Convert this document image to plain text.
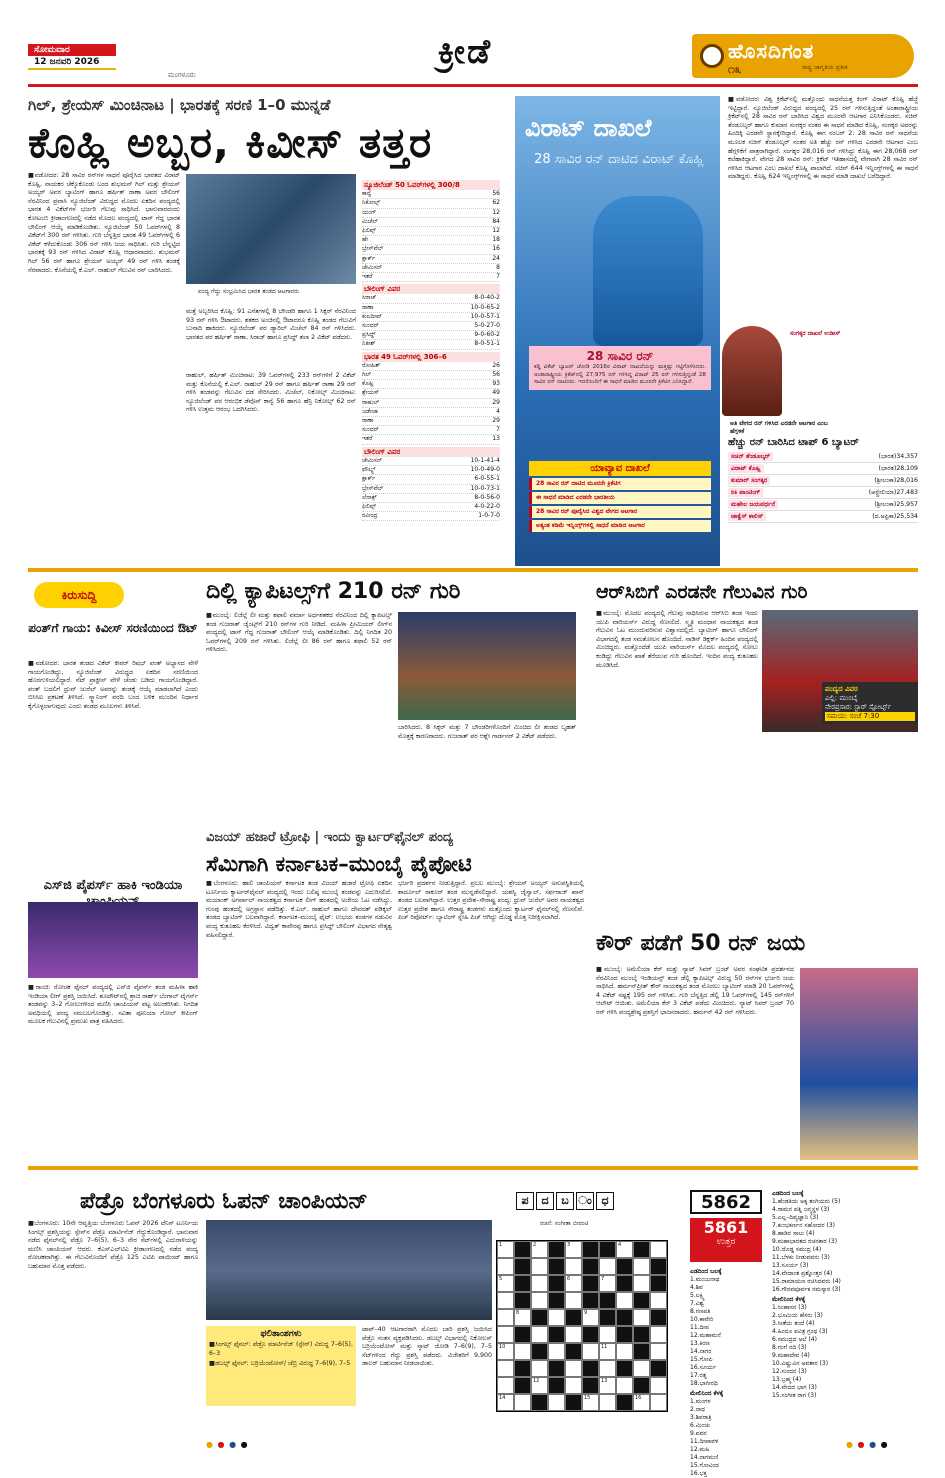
ಸೋಮವಾರ
12 ಜನವರಿ 2026
ಮಂಗಳೂರು
ಕ್ರೀಡೆ	ಹೊಸದಿಗಂತ
೧೩	ರಾಷ್ಟ್ರ ಜಾಗೃತಿಯ ಪ್ರತೀಕ
ಗಿಲ್, ಶ್ರೇಯಸ್ ಮಿಂಚಿನಾಟ | ಭಾರತಕ್ಕೆ ಸರಣಿ 1–0 ಮುನ್ನಡೆ
ಕೊಹ್ಲಿ ಅಬ್ಬರ, ಕಿವೀಸ್ ತತ್ತರ
■ವಡೋದರ: 28 ಸಾವಿರ ರನ್‌ಗಳ ಸಾಧನೆ ಪೂರೈಸಿದ ಭಾರತದ ವಿರಾಟ್ ಕೊಹ್ಲಿ, ನಾಯಕರ ಚೆಕ್ಕೊಕೊಂಡು ಬಂದ ಶುಭಮನ್ ಗಿಲ್ ಮತ್ತು ಶ್ರೇಯಸ್ ಅಯ್ಯರ್ ಅವರ ಬ್ಯಾಟಿಂಗ್ ಹಾಗೂ ಹರ್ಷಿತ್ ರಾಣಾ ಅವರ ಬೌಲಿಂಗ್ ನೆರವಿನಿಂದ ಪ್ರವಾಸಿ ನ್ಯೂಜಿಲೆಂಡ್ ವಿರುದ್ಧದ ಮೊದಲ ಏಕದಿನ ಪಂದ್ಯದಲ್ಲಿ ಭಾರತ 4 ವಿಕೆಟ್‌ಗಳ ಭರ್ಜರಿ ಗೆಲುವು ಸಾಧಿಸಿದೆ. ಭಾನುವಾರದಂದು ಕೋಟಂಬಿ ಕ್ರೀಡಾಂಗಣದಲ್ಲಿ ನಡೆದ ಮೊದಲ ಪಂದ್ಯದಲ್ಲಿ ಟಾಸ್ ಗೆದ್ದ ಭಾರತ ಬೌಲಿಂಗ್ ಆಯ್ಕೆ ಮಾಡಿಕೊಂಡಿತು. ನ್ಯೂಜಿಲೆಂಡ್ 50 ಓವರ್‌ಗಳಲ್ಲಿ 8 ವಿಕೆಟ್‌ಗೆ 300 ರನ್ ಗಳಿಸಿತು. ಗುರಿ ಬೆನ್ನತ್ತಿದ ಭಾರತ 49 ಓವರ್‌ಗಳಲ್ಲಿ 6 ವಿಕೆಟ್ ಕಳೆದುಕೊಂಡು 306 ರನ್ ಗಳಿಸಿ ಜಯ ಸಾಧಿಸಿತು. ಗುರಿ ಬೆನ್ನಟ್ಟಿದ ಭಾರತಕ್ಕೆ 93 ರನ್ ಗಳಿಸಿದ ವಿರಾಟ್ ಕೊಹ್ಲಿ ಆಧಾರವಾದರು. ಶುಭಮನ್ ಗಿಲ್ 56 ರನ್ ಹಾಗೂ ಶ್ರೇಯಸ್ ಅಯ್ಯರ್ 49 ರನ್ ಗಳಿಸಿ ತಂಡಕ್ಕೆ ನೆರವಾದರು. ಕೊನೆಯಲ್ಲಿ ಕೆ.ಎಲ್. ರಾಹುಲ್ ಗೆಲುವಿನ ರನ್ ಬಾರಿಸಿದರು.
ಪಂದ್ಯ ಗೆದ್ದು ಸಂಭ್ರಮಿಸಿದ ಭಾರತ ತಂಡದ ಆಟಗಾರರು
ಮತ್ತೆ ಅಬ್ಬರಿಸಿದ ಕೊಹ್ಲಿ: 91 ಎಸೆತಗಳಲ್ಲಿ 8 ಬೌಂಡರಿ ಹಾಗೂ 1 ಸಿಕ್ಸರ್ ನೆರವಿನಿಂದ 93 ರನ್ ಗಳಿಸಿ ಔಟಾದರು. ಶತಕದ ಅಂಚಿನಲ್ಲಿ ಔಟಾದರೂ ಕೊಹ್ಲಿ ತಂಡದ ಗೆಲುವಿಗೆ ಬುನಾದಿ ಹಾಕಿದರು. ನ್ಯೂಜಿಲೆಂಡ್ ಪರ ಡ್ಯಾರಿಲ್ ಮಿಚೆಲ್ 84 ರನ್ ಗಳಿಸಿದರು. ಭಾರತದ ಪರ ಹರ್ಷಿತ್ ರಾಣಾ, ಸಿರಾಜ್ ಹಾಗೂ ಪ್ರಸಿದ್ಧ್ ತಲಾ 2 ವಿಕೆಟ್ ಪಡೆದರು.
ರಾಹುಲ್, ಹರ್ಷಿತ್ ಮಿಂಚಿನಾಟ: 39 ಓವರ್‌ಗಳಲ್ಲಿ 233 ರನ್‌ಗಳಿಗೆ 2 ವಿಕೆಟ್ ಮತ್ತು ಕೊನೆಯಲ್ಲಿ ಕೆ.ಎಲ್. ರಾಹುಲ್ 29 ರನ್ ಹಾಗೂ ಹರ್ಷಿತ್ ರಾಣಾ 29 ರನ್ ಗಳಿಸಿ ತಂಡವನ್ನು ಗೆಲುವಿನ ದಡ ಸೇರಿಸಿದರು. ಮಿಚೆಲ್, ನಿಕೋಲ್ಸ್ ಮಿಂಚಿನಾಟ: ನ್ಯೂಜಿಲೆಂಡ್ ಪರ ಆರಂಭಿಕ ಡೆವೊನ್ ಕಾನ್ವೆ 56 ಹಾಗೂ ಹೆನ್ರಿ ನಿಕೋಲ್ಸ್ 62 ರನ್ ಗಳಿಸಿ ಉತ್ತಮ ಆರಂಭ ಒದಗಿಸಿದರು.
ನ್ಯೂಜಿಲೆಂಡ್ 50 ಓವರ್‌ಗಳಲ್ಲಿ 300/8
ಕಾನ್ವೆ	56
ನಿಕೋಲ್ಸ್	62
ಯಂಗ್	12
ಮಿಚೆಲ್	84
ಫಿಲಿಪ್ಸ್	12
ಹೇ	18
ಬ್ರೇಸ್‌ವೆಲ್	16
ಕ್ಲಾರ್ಕ್	24
ಜೇಮಿಸನ್	8
ಇತರೆ	7
ಬೌಲಿಂಗ್ ವಿವರ
ಸಿರಾಜ್	8-0-40-2
ರಾಣಾ	10-0-65-2
ಕುಲದೀಪ್	10-0-57-1
ಸುಂದರ್	5-0-27-0
ಪ್ರಸಿದ್ಧ್	9-0-60-2
ನಿತೀಶ್	8-0-51-1
ಭಾರತ 49 ಓವರ್‌ಗಳಲ್ಲಿ 306–6
ರೋಹಿತ್	26
ಗಿಲ್	56
ಕೊಹ್ಲಿ	93
ಶ್ರೇಯಸ್	49
ರಾಹುಲ್	29
ಜಡೇಜಾ	4
ರಾಣಾ	29
ಸುಂದರ್	7
ಇತರೆ	13
ಬೌಲಿಂಗ್ ವಿವರ
ಜೇಮಿಸನ್	10-1-41-4
ಫೌಲ್ಕ್ಸ್	10-0-49-0
ಕ್ಲಾರ್ಕ್	6-0-55-1
ಬ್ರೇಸ್‌ವೆಲ್	10-0-73-1
ಲೆನಾಕ್ಸ್	8-0-56-0
ಫಿಲಿಪ್ಸ್	4-0-22-0
ರವೀಂದ್ರ	1-0-7-0
ವಿರಾಟ್ ದಾಖಲೆ
28 ಸಾವಿರ ರನ್ ದಾಟಿದ ವಿರಾಟ್ ಕೊಹ್ಲಿ
28 ಸಾವಿರ ರನ್
ಕಡ್ಡಿ ವಿಕೆಟ್ ಬ್ಯಾಟರ್ ಜೋಡಿ 2016ರ ವಿರಾಟ್ ದಾಖಲೆಯನ್ನು ಮತ್ತಷ್ಟು ಗಟ್ಟಿಗೊಳಿಸಿದರು. ಅಂತಾರಾಷ್ಟ್ರೀಯ ಕ್ರಿಕೆಟ್‌ನಲ್ಲಿ 27,975 ರನ್ ಗಳಿಸಿದ್ದ ವಿರಾಟ್ 25 ರನ್ ಗಳಿಸುತ್ತಿದ್ದಂತೆ 28 ಸಾವಿರ ರನ್ ದಾಟಿದರು. ಇದರೊಂದಿಗೆ ಈ ಸಾಧನೆ ಮಾಡಿದ ಮೂರನೇ ಕ್ರಿಕೆಟಿಗ ಎನಿಸಿದ್ದಾರೆ.
ಯಾವ್ಯಾವ ದಾಖಲೆ
28 ಸಾವಿರ ರನ್ ದಾಟಿದ ಮೂರನೇ ಕ್ರಿಕೆಟಿಗ
ಈ ಸಾಧನೆ ಮಾಡಿದ ಎರಡನೇ ಭಾರತೀಯ
28 ಸಾವಿರ ರನ್ ಪೂರೈಸಿದ ವಿಶ್ವದ ವೇಗದ ಆಟಗಾರ
ಅತ್ಯಂತ ಕಡಿಮೆ ಇನ್ನಿಂಗ್ಸ್‌ಗಳಲ್ಲಿ ಸಾಧನೆ ಮಾಡಿದ ಆಟಗಾರ
ಸಂಗಕ್ಕರ ದಾಖಲೆ ಉಡೀಸ್
ಅತಿ ವೇಗದ ರನ್ ಗಳಿಸಿದ ಎರಡನೇ ಆಟಗಾರ ಎಂಬ ಹೆಗ್ಗಳಿಕೆ
■ವಡೋದರ: ವಿಶ್ವ ಕ್ರಿಕೆಟ್‌ನಲ್ಲಿ ಮತ್ತೊಂದು ಸಾಧನೆಯತ್ತ ಕಿಂಗ್ ವಿರಾಟ್ ಕೊಹ್ಲಿ ಹೆಜ್ಜೆ ಇಟ್ಟಿದ್ದಾರೆ. ನ್ಯೂಜಿಲೆಂಡ್ ವಿರುದ್ಧದ ಪಂದ್ಯದಲ್ಲಿ 25 ರನ್ ಗಳಿಸುತ್ತಿದ್ದಂತೆ ಅಂತಾರಾಷ್ಟ್ರೀಯ ಕ್ರಿಕೆಟ್‌ನಲ್ಲಿ 28 ಸಾವಿರ ರನ್ ಬಾರಿಸಿದ ವಿಶ್ವದ ಮೂರನೇ ಆಟಗಾರ ಎನಿಸಿಕೊಂಡರು. ಸಚಿನ್ ತೆಂಡೂಲ್ಕರ್ ಹಾಗೂ ಕುಮಾರ ಸಂಗಕ್ಕರ ನಂತರ ಈ ಸಾಧನೆ ಮಾಡಿದ ಕೊಹ್ಲಿ, ಸಂಗಕ್ಕರ ಅವರನ್ನು ಹಿಂದಿಕ್ಕಿ ಎರಡನೇ ಸ್ಥಾನಕ್ಕೇರಿದ್ದಾರೆ. ಕೊಹ್ಲಿ ಈಗ ನಂಬರ್ 2: 28 ಸಾವಿರ ರನ್ ಸಾಧನೆಯ ಮೂಲಕ ಸಚಿನ್ ತೆಂಡೂಲ್ಕರ್ ನಂತರ ಅತಿ ಹೆಚ್ಚು ರನ್ ಗಳಿಸಿದ ಎರಡನೇ ಆಟಗಾರ ಎಂಬ ಹೆಗ್ಗಳಿಕೆಗೆ ಪಾತ್ರರಾಗಿದ್ದಾರೆ. ಸಂಗಕ್ಕರ 28,016 ರನ್ ಗಳಿಸಿದ್ದು ಕೊಹ್ಲಿ ಈಗ 28,068 ರನ್ ಕಲೆಹಾಕಿದ್ದಾರೆ. ವೇಗದ 28 ಸಾವಿರ ರನ್: ಕ್ರಿಕೆಟ್ ಇತಿಹಾಸದಲ್ಲಿ ವೇಗವಾಗಿ 28 ಸಾವಿರ ರನ್ ಗಳಿಸಿದ ಆಟಗಾರ ಎಂಬ ದಾಖಲೆ ಕೊಹ್ಲಿ ಪಾಲಾಗಿದೆ. ಸಚಿನ್ 644 ಇನ್ನಿಂಗ್ಸ್‌ಗಳಲ್ಲಿ ಈ ಸಾಧನೆ ಮಾಡಿದ್ದರು. ಕೊಹ್ಲಿ 624 ಇನ್ನಿಂಗ್ಸ್‌ಗಳಲ್ಲಿ ಈ ಸಾಧನೆ ಮಾಡಿ ದಾಖಲೆ ಬರೆದಿದ್ದಾರೆ.
ಹೆಚ್ಚು ರನ್ ಬಾರಿಸಿದ ಟಾಪ್ 6 ಬ್ಯಾಟರ್
ಸಚಿನ್ ತೆಂಡೂಲ್ಕರ್	(ಭಾರತ)34,357
ವಿರಾಟ್ ಕೊಹ್ಲಿ	(ಭಾರತ)28,109
ಕುಮಾರ್ ಸಂಗಕ್ಕರ	(ಶ್ರೀಲಂಕಾ)28,016
ರಿಕಿ ಪಾಂಟಿಂಗ್	(ಆಸ್ಟ್ರೇಲಿಯಾ)27,483
ಮಹೇಲ ಜಯವರ್ಧನೆ	(ಶ್ರೀಲಂಕಾ)25,957
ಜಾಕ್ವೆಸ್ ಕಾಲಿಸ್	(ದ.ಆಫ್ರಿಕಾ)25,534
ಕಿರುಸುದ್ದಿ
ಪಂತ್‌ಗೆ ಗಾಯ: ಕಿವೀಸ್ ಸರಣಿಯಿಂದ ಔಟ್
■ವಡೋದರ: ಭಾರತ ತಂಡದ ವಿಕೆಟ್ ಕೀಪರ್ ರಿಷಭ್ ಪಂತ್ ಅಭ್ಯಾಸದ ವೇಳೆ ಗಾಯಗೊಂಡಿದ್ದು, ನ್ಯೂಜಿಲೆಂಡ್ ವಿರುದ್ಧದ ಏಕದಿನ ಸರಣಿಯಿಂದ ಹೊರಗುಳಿಯಲಿದ್ದಾರೆ. ನೆಟ್ ಪ್ರಾಕ್ಟೀಸ್ ವೇಳೆ ಚೆಂಡು ಬಡಿದು ಗಾಯಗೊಂಡಿದ್ದಾರೆ. ಪಂತ್ ಬದಲಿಗೆ ಧ್ರುವ್ ಜುರೆಲ್ ಅವರನ್ನು ತಂಡಕ್ಕೆ ಆಯ್ಕೆ ಮಾಡಲಾಗಿದೆ ಎಂದು ಬಿಸಿಸಿಐ ಪ್ರಕಟಣೆ ತಿಳಿಸಿದೆ. ಸ್ಕ್ಯಾನಿಂಗ್ ವರದಿ ಬಂದ ಬಳಿಕ ಮುಂದಿನ ನಿರ್ಧಾರ ಕೈಗೊಳ್ಳಲಾಗುವುದು ಎಂದು ತಂಡದ ಮೂಲಗಳು ತಿಳಿಸಿವೆ.
ಎಸ್‌ಜಿ ಪೈಪರ್ಸ್ ಹಾಕಿ ಇಂಡಿಯಾ
■ರಾಂಚಿ: ರೋಚಕ ಫೈನಲ್ ಪಂದ್ಯದಲ್ಲಿ ಎಸ್‌ಜಿ ಪೈಪರ್ಸ್ ತಂಡ ಮಹಿಳಾ ಹಾಕಿ ಇಂಡಿಯಾ ಲೀಗ್ ಪ್ರಶಸ್ತಿ ಜಯಿಸಿದೆ. ಶೂಟೌಟ್‌ನಲ್ಲಿ ಶ್ರಾಚಿ ರಾರ್ಹ್ ಬೆಂಗಾಲ್ ಟೈಗರ್ಸ್ ತಂಡವನ್ನು 3–2 ಗೋಲುಗಳಿಂದ ಮಣಿಸಿ ಚಾಂಪಿಯನ್ ಪಟ್ಟ ಅಲಂಕರಿಸಿತು. ನಿಗದಿತ ಅವಧಿಯಲ್ಲಿ ಪಂದ್ಯ ಸಮಬಲಗೊಂಡಿತ್ತು. ಸವಿತಾ ಪೂನಿಯಾ ಗೋಲ್ ಕೀಪಿಂಗ್ ಮೂಲಕ ಗೆಲುವಿನಲ್ಲಿ ಪ್ರಮುಖ ಪಾತ್ರ ವಹಿಸಿದರು.
ದಿಲ್ಲಿ ಕ್ಯಾಪಿಟಲ್ಸ್‌ಗೆ 210 ರನ್ ಗುರಿ
■ಮುಂಬೈ: ಲಿಜೆಲ್ಲೆ ಲೀ ಮತ್ತು ಶಫಾಲಿ ವರ್ಮಾ ಅರ್ಧಶತಕದ ನೆರವಿನಿಂದ ದಿಲ್ಲಿ ಕ್ಯಾಪಿಟಲ್ಸ್ ತಂಡ ಗುಜರಾತ್ ಜೈಂಟ್ಸ್‌ಗೆ 210 ರನ್‌ಗಳ ಗುರಿ ನೀಡಿದೆ. ಮಹಿಳಾ ಪ್ರೀಮಿಯರ್ ಲೀಗ್‌ನ ಪಂದ್ಯದಲ್ಲಿ ಟಾಸ್ ಗೆದ್ದ ಗುಜರಾತ್ ಬೌಲಿಂಗ್ ಆಯ್ಕೆ ಮಾಡಿಕೊಂಡಿತು. ದಿಲ್ಲಿ ನಿಗದಿತ 20 ಓವರ್‌ಗಳಲ್ಲಿ 209 ರನ್ ಗಳಿಸಿತು. ಲಿಜೆಲ್ಲೆ ಲೀ 86 ರನ್ ಹಾಗೂ ಶಫಾಲಿ 52 ರನ್ ಗಳಿಸಿದರು.
ಬಾರಿಸಿದರು. 8 ಸಿಕ್ಸರ್ ಮತ್ತು 7 ಬೌಂಡರಿಗಳೊಂದಿಗೆ ಮಿಂಚಿದ ಲೀ ತಂಡದ ಬೃಹತ್ ಮೊತ್ತಕ್ಕೆ ಕಾರಣರಾದರು. ಗುಜರಾತ್ ಪರ ಆಶ್ಲೇ ಗಾರ್ಡನರ್ 2 ವಿಕೆಟ್ ಪಡೆದರು.
ಆರ್‌ಸಿಬಿಗೆ ಎರಡನೇ ಗೆಲುವಿನ ಗುರಿ
■ಮುಂಬೈ: ಮೊದಲ ಪಂದ್ಯದಲ್ಲಿ ಗೆಲುವು ಸಾಧಿಸಿರುವ ಆರ್‌ಸಿಬಿ ತಂಡ ಇಂದು ಯುಪಿ ವಾರಿಯರ್ಸ್ ವಿರುದ್ಧ ಸೆಣಸಲಿದೆ. ಸ್ಮೃತಿ ಮಂಧಾನ ನಾಯಕತ್ವದ ತಂಡ ಗೆಲುವಿನ ಓಟ ಮುಂದುವರಿಸುವ ವಿಶ್ವಾಸದಲ್ಲಿದೆ. ಬ್ಯಾಟಿಂಗ್ ಹಾಗೂ ಬೌಲಿಂಗ್ ವಿಭಾಗದಲ್ಲಿ ತಂಡ ಸಮತೋಲನ ಹೊಂದಿದೆ. ನಾಡಿನ್ ಡಿಕ್ಲರ್ಕ್ ಹಿಂದಿನ ಪಂದ್ಯದಲ್ಲಿ ಮಿಂಚಿದ್ದರು. ಮತ್ತೊಂದೆಡೆ ಯುಪಿ ವಾರಿಯರ್ಸ್ ಮೊದಲ ಪಂದ್ಯದಲ್ಲಿ ಸೋಲು ಕಂಡಿದ್ದು ಗೆಲುವಿನ ಖಾತೆ ತೆರೆಯುವ ಗುರಿ ಹೊಂದಿದೆ. ಇಂದಿನ ಪಂದ್ಯ ಕುತೂಹಲ ಮೂಡಿಸಿದೆ.
ಪಂದ್ಯದ ವಿವರ
ಎಲ್ಲಿ: ಮುಂಬೈ
ನೇರಪ್ರಸಾರ: ಸ್ಟಾರ್ ಸ್ಪೋರ್ಟ್ಸ್
ಸಮಯ: ಸಂಜೆ 7:30
ವಿಜಯ್ ಹಜಾರೆ ಟ್ರೋಫಿ | ಇಂದು ಕ್ವಾರ್ಟರ್‌ಫೈನಲ್ ಪಂದ್ಯ
ಸೆಮಿಗಾಗಿ ಕರ್ನಾಟಕ–ಮುಂಬೈ ಪೈಪೋಟಿ
■ಬೆಂಗಳೂರು: ಹಾಲಿ ಚಾಂಪಿಯನ್ ಕರ್ನಾಟಕ ತಂಡ ವಿಜಯ್ ಹಜಾರೆ ಟ್ರೋಫಿ ಏಕದಿನ ಟೂರ್ನಿಯ ಕ್ವಾರ್ಟರ್‌ಫೈನಲ್ ಪಂದ್ಯದಲ್ಲಿ ಇಂದು ಬಲಿಷ್ಠ ಮುಂಬೈ ತಂಡವನ್ನು ಎದುರಿಸಲಿದೆ. ಮಯಾಂಕ್ ಅಗರ್ವಾಲ್ ನಾಯಕತ್ವದ ಕರ್ನಾಟಕ ಲೀಗ್ ಹಂತದಲ್ಲಿ ಅಜೇಯ ಓಟ ನಡೆಸಿದ್ದು, ಗುಂಪು ಹಂತದಲ್ಲಿ ಅಗ್ರಸ್ಥಾನ ಪಡೆದಿತ್ತು. ಕೆ.ಎಲ್. ರಾಹುಲ್ ಹಾಗೂ ದೇವದತ್ ಪಡಿಕ್ಕಲ್ ತಂಡದ ಬ್ಯಾಟಿಂಗ್ ಬಲವಾಗಿದ್ದಾರೆ. ಕರ್ನಾಟಕ–ಮುಂಬೈ ಫೈಟ್: ಉಭಯ ತಂಡಗಳ ನಡುವಿನ ಪಂದ್ಯ ಕುತೂಹಲ ಕೆರಳಿಸಿದೆ. ವಿದ್ವತ್ ಕಾವೇರಪ್ಪ ಹಾಗೂ ಪ್ರಸಿದ್ಧ್ ಬೌಲಿಂಗ್ ವಿಭಾಗದ ನೇತೃತ್ವ ವಹಿಸಲಿದ್ದಾರೆ.
ಭರ್ಜರಿ ಪ್ರದರ್ಶನ ನೀಡುತ್ತಿದ್ದಾರೆ. ಪ್ರಬಲ ಮುಂಬೈ: ಶ್ರೇಯಸ್ ಅಯ್ಯರ್ ಅನುಪಸ್ಥಿತಿಯಲ್ಲಿ ಶಾರ್ದೂಲ್ ಠಾಕೂರ್ ತಂಡ ಮುನ್ನಡೆಸಲಿದ್ದಾರೆ. ಯಶಸ್ವಿ ಜೈಸ್ವಾಲ್, ಸರ್ಫರಾಜ್ ಖಾನ್ ತಂಡದ ಬಲವಾಗಿದ್ದಾರೆ. ಉತ್ತರ ಪ್ರದೇಶ–ಸೌರಾಷ್ಟ್ರ ಪಂದ್ಯ: ಧ್ರುವ್ ಜುರೆಲ್ ಅವರ ನಾಯಕತ್ವದ ಉತ್ತರ ಪ್ರದೇಶ ಹಾಗೂ ಸೌರಾಷ್ಟ್ರ ತಂಡಗಳು ಮತ್ತೊಂದು ಕ್ವಾರ್ಟರ್ ಫೈನಲ್‌ನಲ್ಲಿ ಸೆಣಸಲಿವೆ. ಪಿಚ್ ರಿಪೋರ್ಟ್: ಬ್ಯಾಟಿಂಗ್ ಸ್ನೇಹಿ ಪಿಚ್ ಆಗಿದ್ದು ದೊಡ್ಡ ಮೊತ್ತ ನಿರೀಕ್ಷಿಸಲಾಗಿದೆ.
ಕೌರ್ ಪಡೆಗೆ 50 ರನ್ ಜಯ
■ಮುಂಬೈ: ಅಮೆಲಿಯಾ ಕೆರ್ ಮತ್ತು ನ್ಯಾಟ್ ಸಿವರ್ ಬ್ರಂಟ್ ಅವರ ಸಂಘಟಿತ ಪ್ರದರ್ಶನದ ನೆರವಿನಿಂದ ಮುಂಬೈ ಇಂಡಿಯನ್ಸ್ ತಂಡ ಡೆಲ್ಲಿ ಕ್ಯಾಪಿಟಲ್ಸ್ ವಿರುದ್ಧ 50 ರನ್‌ಗಳ ಭರ್ಜರಿ ಜಯ ಸಾಧಿಸಿದೆ. ಹರ್ಮನ್‌ಪ್ರೀತ್ ಕೌರ್ ನಾಯಕತ್ವದ ತಂಡ ಮೊದಲು ಬ್ಯಾಟಿಂಗ್ ಮಾಡಿ 20 ಓವರ್‌ಗಳಲ್ಲಿ 4 ವಿಕೆಟ್ ನಷ್ಟಕ್ಕೆ 195 ರನ್ ಗಳಿಸಿತು. ಗುರಿ ಬೆನ್ನತ್ತಿದ ಡೆಲ್ಲಿ 19 ಓವರ್‌ಗಳಲ್ಲಿ 145 ರನ್‌ಗಳಿಗೆ ಆಲೌಟ್ ಆಯಿತು. ಅಮೆಲಿಯಾ ಕೆರ್ 3 ವಿಕೆಟ್ ಪಡೆದು ಮಿಂಚಿದರು. ನ್ಯಾಟ್ ಸಿವರ್ ಬ್ರಂಟ್ 70 ರನ್ ಗಳಿಸಿ ಪಂದ್ಯಶ್ರೇಷ್ಠ ಪ್ರಶಸ್ತಿಗೆ ಭಾಜನರಾದರು. ಹರ್ಮನ್ 42 ರನ್ ಗಳಿಸಿದರು.
ಪೆಡ್ರೊ ಬೆಂಗಳೂರು ಓಪನ್ ಚಾಂಪಿಯನ್
■ಬೆಂಗಳೂರು: 10ನೇ ಆವೃತ್ತಿಯ ಬೆಂಗಳೂರು ಓಪನ್ 2026 ಟೆನಿಸ್ ಟೂರ್ನಿಯ ಸಿಂಗಲ್ಸ್ ಪ್ರಶಸ್ತಿಯನ್ನು ಸ್ಪೇನ್‌ನ ಪೆಡ್ರೊ ಮಾರ್ಟಿನೆಜ್ ಗೆದ್ದುಕೊಂಡಿದ್ದಾರೆ. ಭಾನುವಾರ ನಡೆದ ಫೈನಲ್‌ನಲ್ಲಿ ಪೆಡ್ರೊ 7–6(5), 6–3 ನೇರ ಸೆಟ್‌ಗಳಲ್ಲಿ ಎದುರಾಳಿಯನ್ನು ಮಣಿಸಿ ಚಾಂಪಿಯನ್ ಆದರು. ಕೆಎಸ್‌ಎಲ್‌ಟಿಎ ಕ್ರೀಡಾಂಗಣದಲ್ಲಿ ನಡೆದ ಪಂದ್ಯ ರೋಚಕವಾಗಿತ್ತು. ಈ ಗೆಲುವಿನೊಂದಿಗೆ ಪೆಡ್ರೊ 125 ಎಟಿಪಿ ಪಾಯಿಂಟ್ ಹಾಗೂ ಬಹುಮಾನ ಮೊತ್ತ ಪಡೆದರು.
ಫಲಿತಾಂಶಗಳು
■ಸಿಂಗಲ್ಸ್ ಫೈನಲ್: ಪೆಡ್ರೊ ಮಾರ್ಟಿನೆಜ್ (ಸ್ಪೇನ್) ವಿರುದ್ಧ 7–6(5), 6–3
■ಡಬಲ್ಸ್ ಫೈನಲ್: ಬರ್ರಿಯೆಂಟೋಸ್/ ಚೆಬ್ರಿ ವಿರುದ್ಧ 7–6(9), 7–5
ಟಾಪ್–40 ಆಟಗಾರರಾಗಿ ಮೊದಲ ಬಾರಿ ಪ್ರಶಸ್ತಿ ಜಯಿಸಿದ ಪೆಡ್ರೊ ಸಂತಸ ವ್ಯಕ್ತಪಡಿಸಿದರು. ಡಬಲ್ಸ್ ವಿಭಾಗದಲ್ಲಿ ನಿಕೋಲಸ್ ಬರ್ರಿಯೆಂಟೋಸ್ ಮತ್ತು ಸ್ಕಾಟ್ ಜೋಡಿ 7–6(9), 7–5 ಸೆಟ್‌ಗಳಿಂದ ಗೆದ್ದು ಪ್ರಶಸ್ತಿ ಪಡೆದರು. ವಿಜೇತರಿಗೆ 9,900 ಡಾಲರ್ ಬಹುಮಾನ ನೀಡಲಾಯಿತು.
● ● ● ●
ಪ	ದ	ಬ ಂ ಧ	5862
ರಚನೆ: ಸಂಗೀತಾ ಬೀರಂಟಿ
1	2	3	4
5	6	7
8	9
10	11
12	13
14	15	16
5861
ಉತ್ತರ
ಎಡದಿಂದ ಬಲಕ್ಕೆ
1.ಮಂಜುನಾಥ
4.ಶಿವ
5.ಲಕ್ಷ್ಮಿ
7.ವಿಶ್ವ
8.ಗಣಪತಿ
10.ಕಾವೇರಿ
11.ದೀಪ
12.ಮಹಾಮನೆ
13.ಕಿರಣ
14.ನಾಗರ
15.ಗೋಪಿ
16.ಸೂರ್ಯ
17.ರತ್ನ
18.ಭಾಗೀರಥಿ
ಮೇಲಿನಿಂದ ಕೆಳಕ್ಕೆ
1.ಮಂಗಳ
2.ನಾಥ
3.ಶಿವರಾತ್ರಿ
6.ಮಿಂಚು
9.ಪವನ
11.ದೀಪಾವಳಿ
12.ಮಹಿ
14.ನಾಗಮಣಿ
15.ಗೋವಿಂದ
16.ಭಕ್ತ
ಎಡದಿಂದ ಬಲಕ್ಕೆ
1.ಹೆಂಡತಿಯ ಅಕ್ಕ ತಂಗಿಯರು (5)
4.ರಾಮನ ಪತ್ನಿ ಜನ್ಮಸ್ಥಳ (3)
5.ಎಲ್ಲ–ದಿವ್ಯಜ್ಞಾನಿ (3)
7.ಕುಂಭಕರ್ಣನ ಸಹೋದರ (3)
8.ಹಾಡಿನ ಸಾಲು (4)
9.ಮಹಾಭಾರತದ ರಚನಕಾರ (3)
10.ದೊಡ್ಡ ಸಮುದ್ರ (4)
11.ಬೆಳಕು ನೀಡುವವನು (3)
13.ಸೂರ್ಯ (3)
14.ವೇದಾಂತ ಪ್ರಶ್ನೋತ್ತರ (4)
15.ರಾಮಾಯಣ ರಚಿಸಿದವರು (4)
16.ಗೌರವಪೂರ್ವಕ ನಮಸ್ಕಾರ (3)
ಮೇಲಿನಿಂದ ಕೆಳಕ್ಕೆ
1.ಸಿಂಹಾಸನ (3)
2.ಭೂಮಿಯ ಹೆಸರು (3)
3.ಸೀತೆಯ ತಂದೆ (4)
4.ಹಿಂದೂ ಪವಿತ್ರ ಗ್ರಂಥ (3)
6.ಸಮುದ್ರದ ಅಲೆ (4)
8.ಗಂಗೆ ನದಿ (3)
9.ಮಹಾದೇವ (4)
10.ವಿಷ್ಣುವಿನ ಅವತಾರ (3)
12.ಸುಂದರ (3)
13.ಬ್ರಹ್ಮ (4)
14.ವೇದದ ಭಾಗ (3)
15.ಸಂಗೀತ ರಾಗ (3)
● ● ● ●
